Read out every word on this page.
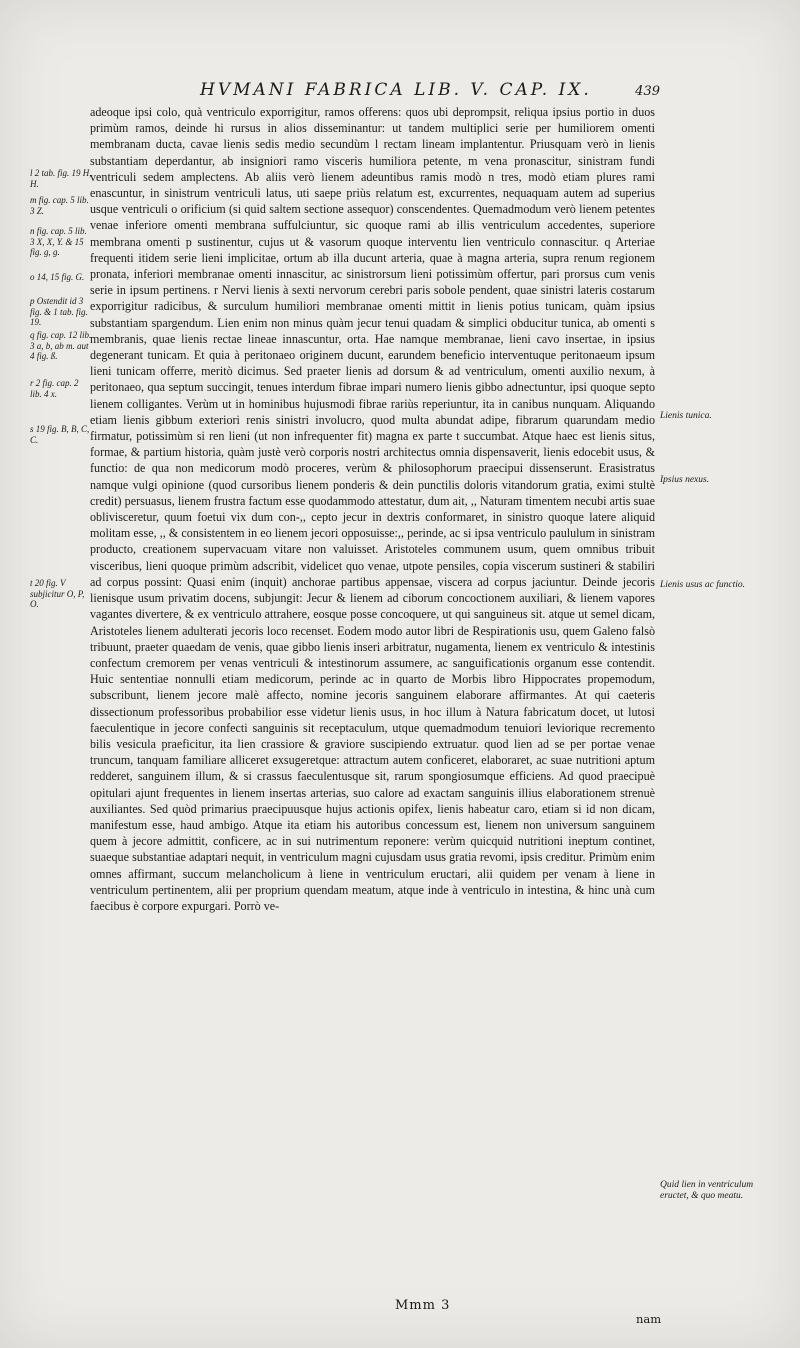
HVMANI FABRICA LIB. V. CAP. IX.	439

adeoque ipsi colo, quà ventriculo exporrigitur, ramos offerens: quos ubi deprompsit, reliqua ipsius portio in duos primùm ramos, deinde hi rursus in alios disseminantur: ut tandem multiplici serie per humiliorem omenti membranam ducta, cavae lienis sedis medio secundùm l rectam lineam implantentur. Priusquam verò in lienis substantiam deperdantur, ab insigniori ramo visceris humiliora petente, m vena pronascitur, sinistram fundi ventriculi sedem amplectens. Ab aliis verò lienem adeuntibus ramis modò n tres, modò etiam plures rami enascuntur, in sinistrum ventriculi latus, uti saepe priùs relatum est, excurrentes, nequaquam autem ad superius usque ventriculi o orificium (si quid saltem sectione assequor) conscendentes. Quemadmodum verò lienem petentes venae inferiore omenti membrana suffulciuntur, sic quoque rami ab illis ventriculum accedentes, superiore membrana omenti p sustinentur, cujus ut & vasorum quoque interventu lien ventriculo connascitur. q Arteriae frequenti itidem serie lieni implicitae, ortum ab illa ducunt arteria, quae à magna arteria, supra renum regionem pronata, inferiori membranae omenti innascitur, ac sinistrorsum lieni potissimùm offertur, pari prorsus cum venis serie in ipsum pertinens. r Nervi lienis à sexti nervorum cerebri paris sobole pendent, quae sinistri lateris costarum exporrigitur radicibus, & surculum humiliori membranae omenti mittit in lienis potius tunicam, quàm ipsius substantiam spargendum. Lien enim non minus quàm jecur tenui quadam & simplici obducitur tunica, ab omenti s membranis, quae lienis rectae lineae innascuntur, orta. Hae namque membranae, lieni cavo insertae, in ipsius degenerant tunicam. Et quia à peritonaeo originem ducunt, earundem beneficio interventuque peritonaeum ipsum lieni tunicam offerre, meritò dicimus. Sed praeter lienis ad dorsum & ad ventriculum, omenti auxilio nexum, à peritonaeo, qua septum succingit, tenues interdum fibrae impari numero lienis gibbo adnectuntur, ipsi quoque septo lienem colligantes. Verùm ut in hominibus hujusmodi fibrae rariùs reperiuntur, ita in canibus nunquam. Aliquando etiam lienis gibbum exteriori renis sinistri involucro, quod multa abundat adipe, fibrarum quarundam medio firmatur, potissimùm si ren lieni (ut non infrequenter fit) magna ex parte t succumbat. Atque haec est lienis situs, formae, & partium historia, quàm justè verò corporis nostri architectus omnia dispensaverit, lienis edocebit usus, & functio: de qua non medicorum modò proceres, verùm & philosophorum praecipui dissenserunt. Erasistratus namque vulgi opinione (quod cursoribus lienem ponderis & dein punctilis doloris vitandorum gratia, eximi stultè credit) persuasus, lienem frustra factum esse quodammodo attestatur, dum ait, ,, Naturam timentem necubi artis suae oblivisceretur, quum foetui vix dum con-,, cepto jecur in dextris conformaret, in sinistro quoque latere aliquid molitam esse, ,, & consistentem in eo lienem jecori opposuisse:,, perinde, ac si ipsa ventriculo paululum in sinistram producto, creationem supervacuam vitare non valuisset. Aristoteles communem usum, quem omnibus tribuit visceribus, lieni quoque primùm adscribit, videlicet quo venae, utpote pensiles, copia viscerum sustineri & stabiliri ad corpus possint: Quasi enim (inquit) anchorae partibus appensae, viscera ad corpus jaciuntur. Deinde jecoris lienisque usum privatim docens, subjungit: Jecur & lienem ad ciborum concoctionem auxiliari, & lienem vapores vagantes divertere, & ex ventriculo attrahere, eosque posse concoquere, ut qui sanguineus sit. atque ut semel dicam, Aristoteles lienem adulterati jecoris loco recenset. Eodem modo autor libri de Respirationis usu, quem Galeno falsò tribuunt, praeter quaedam de venis, quae gibbo lienis inseri arbitratur, nugamenta, lienem ex ventriculo & intestinis confectum cremorem per venas ventriculi & intestinorum assumere, ac sanguificationis organum esse contendit. Huic sententiae nonnulli etiam medicorum, perinde ac in quarto de Morbis libro Hippocrates propemodum, subscribunt, lienem jecore malè affecto, nomine jecoris sanguinem elaborare affirmantes. At qui caeteris dissectionum professoribus probabilior esse videtur lienis usus, in hoc illum à Natura fabricatum docet, ut lutosi faeculentique in jecore confecti sanguinis sit receptaculum, utque quemadmodum tenuiori leviorique recremento bilis vesicula praeficitur, ita lien crassiore & graviore suscipiendo extruatur. quod lien ad se per portae venae truncum, tanquam familiare alliceret exsugeretque: attractum autem conficeret, elaboraret, ac suae nutritioni aptum redderet, sanguinem illum, & si crassus faeculentusque sit, rarum spongiosumque efficiens. Ad quod praecipuè opitulari ajunt frequentes in lienem insertas arterias, suo calore ad exactam sanguinis illius elaborationem strenuè auxiliantes. Sed quòd primarius praecipuusque hujus actionis opifex, lienis habeatur caro, etiam si id non dicam, manifestum esse, haud ambigo. Atque ita etiam his autoribus concessum est, lienem non universum sanguinem quem à jecore admittit, conficere, ac in sui nutrimentum reponere: verùm quicquid nutritioni ineptum continet, suaeque substantiae adaptari nequit, in ventriculum magni cujusdam usus gratia revomi, ipsis creditur. Primùm enim omnes affirmant, succum melancholicum à liene in ventriculum eructari, alii quidem per venam à liene in ventriculum pertinentem, alii per proprium quendam meatum, atque inde à ventriculo in intestina, & hinc unà cum faecibus è corpore expurgari. Porrò ve-

l 2 tab. fig. 19 H, H.
m fig. cap. 5 lib. 3 Z.
n fig. cap. 5 lib. 3 X, X, Y. & 15 fig. g, g.
o 14, 15 fig. G.
p Ostendit id 3 fig. & 1 tab. fig. 19.
q fig. cap. 12 lib. 3 a, b, ab m. aut 4 fig. ß.
r 2 fig. cap. 2 lib. 4 x.
s 19 fig. B, B, C, C.
t 20 fig. V subjicitur O, P, O.
Lienis tunica.
Ipsius nexus.
Lienis usus ac functio.
Quid lien in ventriculum eructet, & quo meatu.
Mmm 3
nam
